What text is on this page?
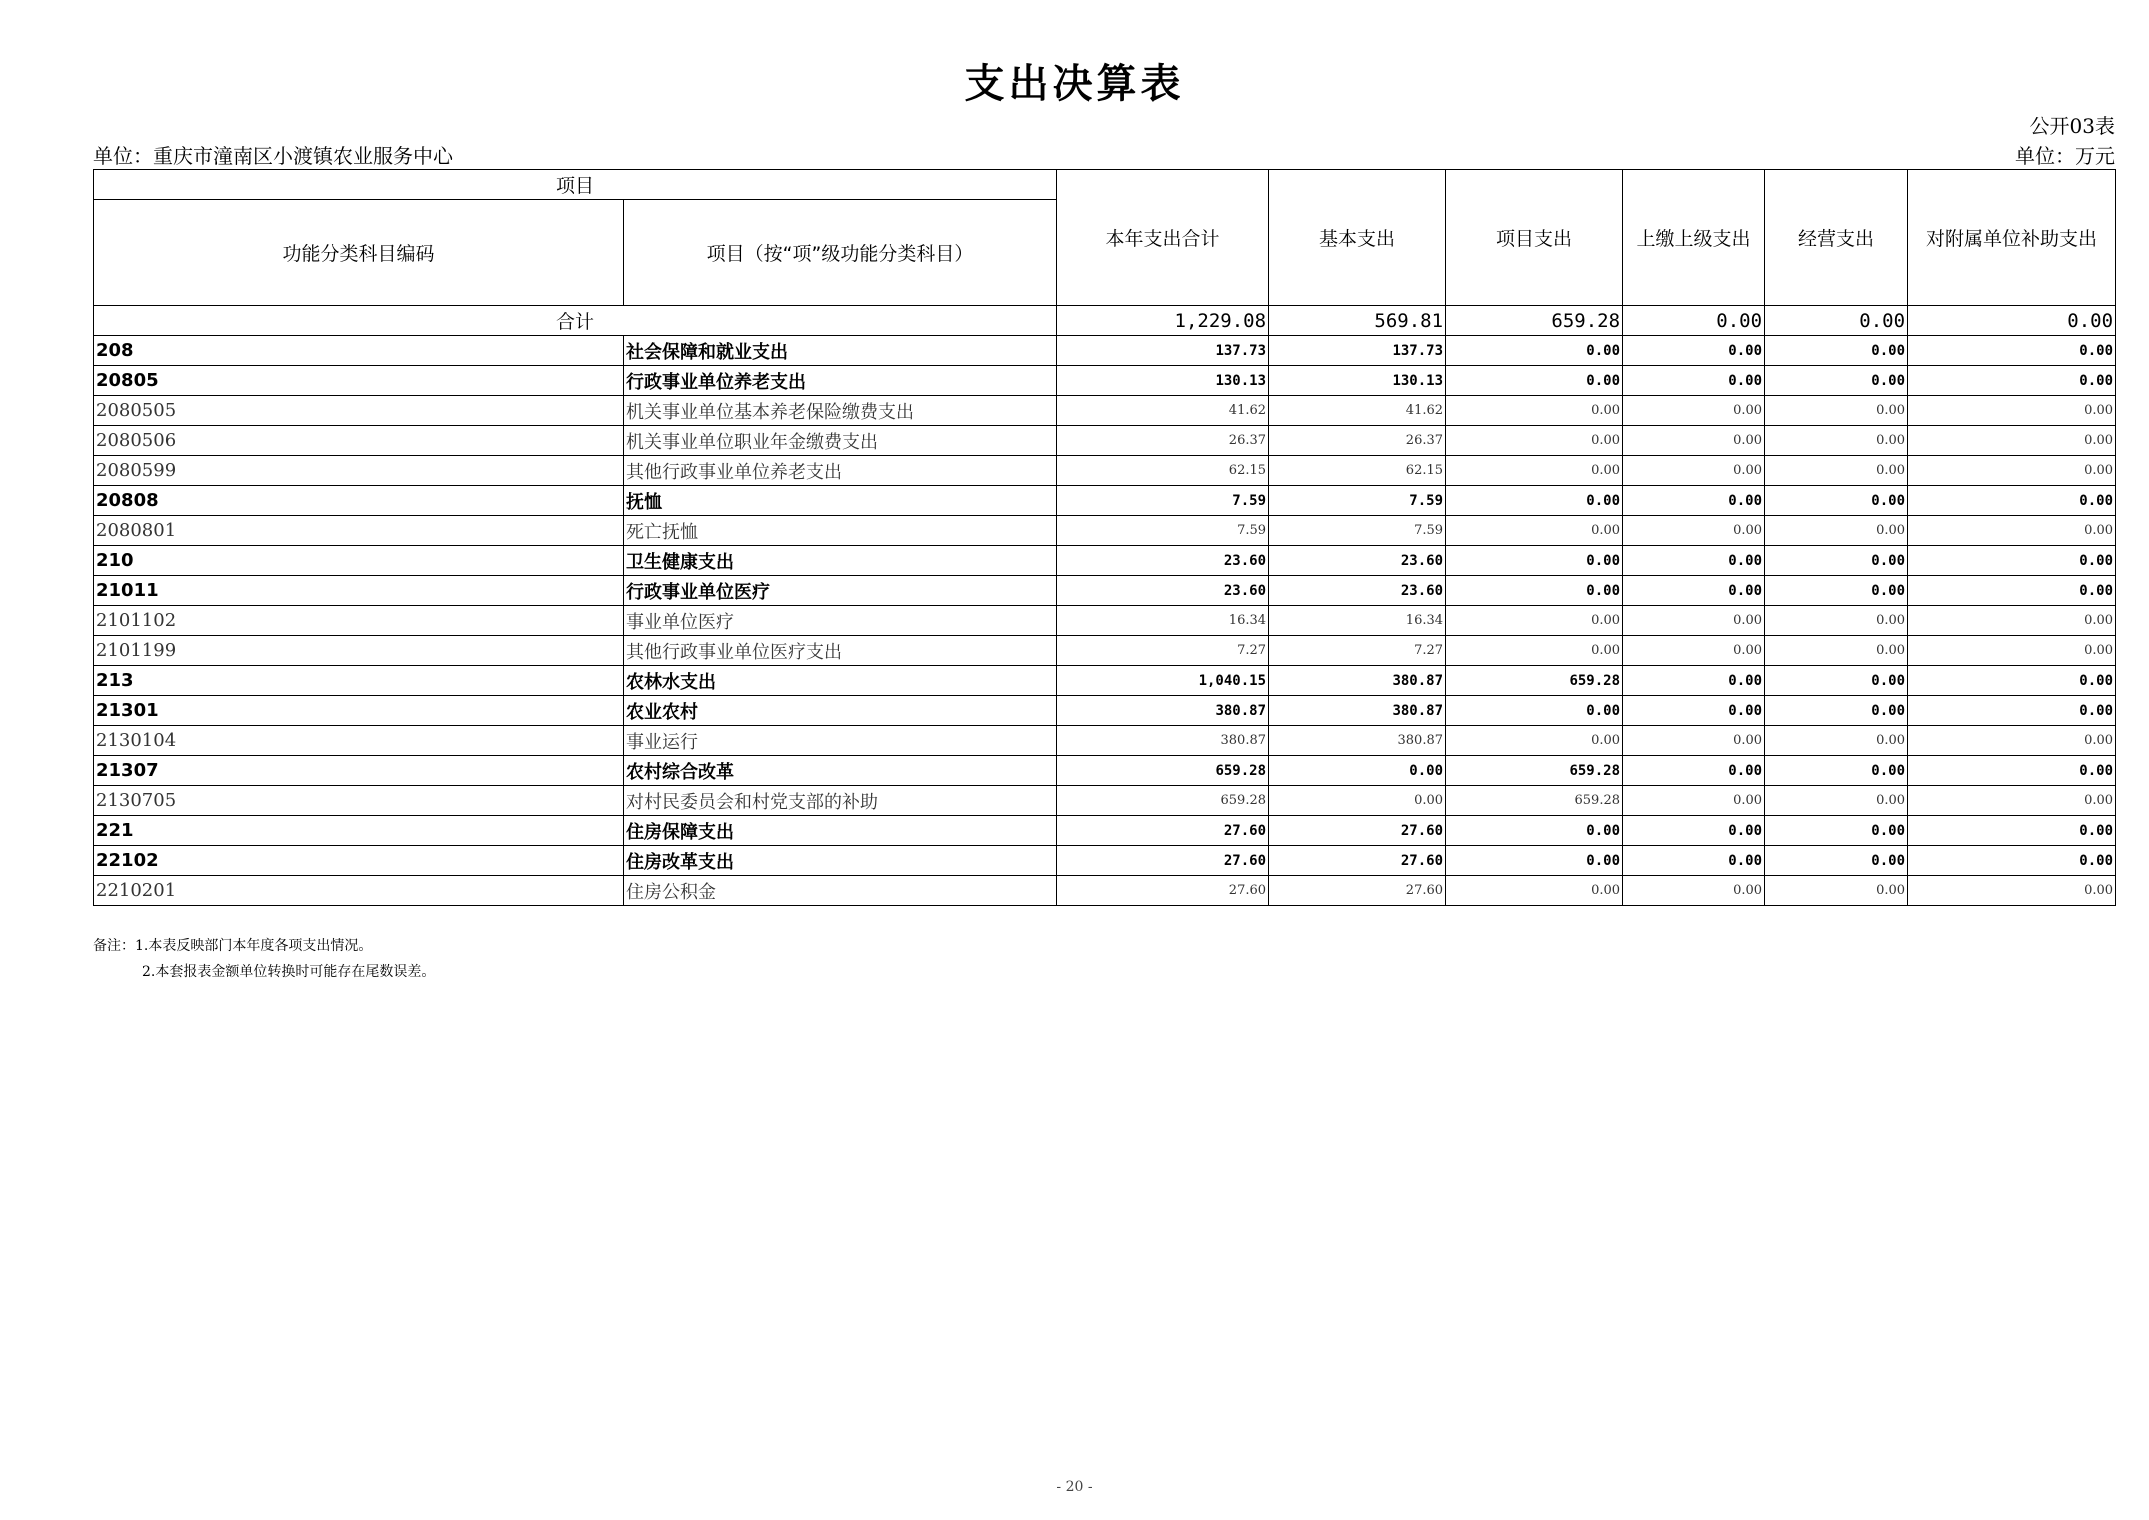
支出决算表
公开03表
单位：重庆市潼南区小渡镇农业服务中心	单位：万元
项目		本年支出合计	基本支出	项目支出	上缴上级支出	经营支出	对附属单位补助支出
功能分类科目编码	项目（按“项”级功能分类科目）						
合计		1,229.08	569.81	659.28	0.00	0.00	0.00
208	社会保障和就业支出	137.73	137.73	0.00	0.00	0.00	0.00
20805	行政事业单位养老支出	130.13	130.13	0.00	0.00	0.00	0.00
2080505	机关事业单位基本养老保险缴费支出	41.62	41.62	0.00	0.00	0.00	0.00
2080506	机关事业单位职业年金缴费支出	26.37	26.37	0.00	0.00	0.00	0.00
2080599	其他行政事业单位养老支出	62.15	62.15	0.00	0.00	0.00	0.00
20808	抚恤	7.59	7.59	0.00	0.00	0.00	0.00
2080801	死亡抚恤	7.59	7.59	0.00	0.00	0.00	0.00
210	卫生健康支出	23.60	23.60	0.00	0.00	0.00	0.00
21011	行政事业单位医疗	23.60	23.60	0.00	0.00	0.00	0.00
2101102	事业单位医疗	16.34	16.34	0.00	0.00	0.00	0.00
2101199	其他行政事业单位医疗支出	7.27	7.27	0.00	0.00	0.00	0.00
213	农林水支出	1,040.15	380.87	659.28	0.00	0.00	0.00
21301	农业农村	380.87	380.87	0.00	0.00	0.00	0.00
2130104	事业运行	380.87	380.87	0.00	0.00	0.00	0.00
21307	农村综合改革	659.28	0.00	659.28	0.00	0.00	0.00
2130705	对村民委员会和村党支部的补助	659.28	0.00	659.28	0.00	0.00	0.00
221	住房保障支出	27.60	27.60	0.00	0.00	0.00	0.00
22102	住房改革支出	27.60	27.60	0.00	0.00	0.00	0.00
2210201	住房公积金	27.60	27.60	0.00	0.00	0.00	0.00
备注：1.本表反映部门本年度各项支出情况。
2.本套报表金额单位转换时可能存在尾数误差。
- 20 -
